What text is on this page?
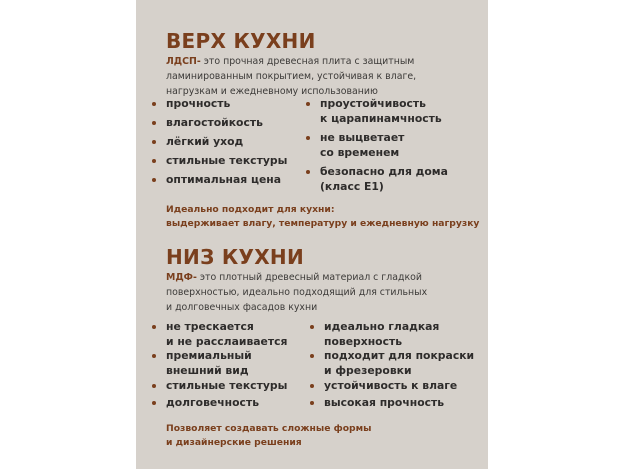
ВЕРХ КУХНИ
ЛДСП- это прочная древесная плита с защитным
ламинированным покрытием, устойчивая к влаге,
нагрузкам и ежедневному использованию
прочность
влагостойкость
лёгкий уход
стильные текстуры
оптимальная цена
проустойчивость
к царапинамчность
не выцветает
со временем
безопасно для дома
(класс Е1)
Идеально подходит для кухни:
выдерживает влагу, температуру и ежедневную нагрузку
НИЗ КУХНИ
МДФ- это плотный древесный материал с гладкой
поверхностью, идеально подходящий для стильных
и долговечных фасадов кухни
не трескается
и не расслаивается
премиальный
внешний вид
стильные текстуры
долговечность
идеально гладкая
поверхность
подходит для покраски
и фрезеровки
устойчивость к влаге
высокая прочность
Позволяет создавать сложные формы
и дизайнерские решения
